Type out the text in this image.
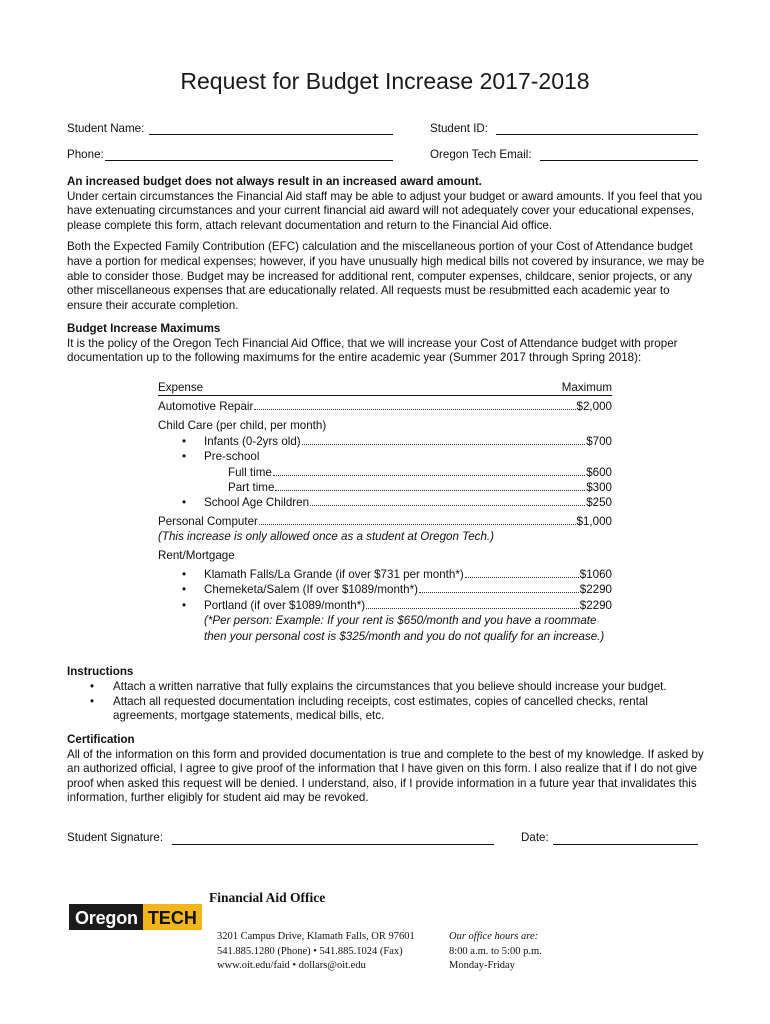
Request for Budget Increase 2017-2018
Student Name:	Student ID:
Phone:	Oregon Tech Email:

An increased budget does not always result in an increased award amount.

Under certain circumstances the Financial Aid staff may be able to adjust your budget or award amounts. If you feel that you have extenuating circumstances and your current financial aid award will not adequately cover your educational expenses, please complete this form, attach relevant documentation and return to the Financial Aid office.

Both the Expected Family Contribution (EFC) calculation and the miscellaneous portion of your Cost of Attendance budget have a portion for medical expenses; however, if you have unusually high medical bills not covered by insurance, we may be able to consider those. Budget may be increased for additional rent, computer expenses, childcare, senior projects, or any other miscellaneous expenses that are educationally related. All requests must be resubmitted each academic year to ensure their accurate completion.

Budget Increase Maximums

It is the policy of the Oregon Tech Financial Aid Office, that we will increase your Cost of Attendance budget with proper documentation up to the following maximums for the entire academic year (Summer 2017 through Spring 2018):

Expense	Maximum
Automotive Repair	$2,000
Child Care (per child, per month)
• Infants (0-2yrs old)	$700
• Pre-school
Full time	$600
Part time	$300
• School Age Children	$250
Personal Computer	$1,000
(This increase is only allowed once as a student at Oregon Tech.)
Rent/Mortgage
• Klamath Falls/La Grande (if over $731 per month*)	$1060
• Chemeketa/Salem (If over $1089/month*)	$2290
• Portland (if over $1089/month*)	$2290
(*Per person: Example: If your rent is $650/month and you have a roommate then your personal cost is $325/month and you do not qualify for an increase.)

Instructions

• Attach a written narrative that fully explains the circumstances that you believe should increase your budget.
• Attach all requested documentation including receipts, cost estimates, copies of cancelled checks, rental agreements, mortgage statements, medical bills, etc.

Certification

All of the information on this form and provided documentation is true and complete to the best of my knowledge. If asked by an authorized official, I agree to give proof of the information that I have given on this form. I also realize that if I do not give proof when asked this request will be denied. I understand, also, if I provide information in a future year that invalidates this information, further eligibly for student aid may be revoked.

Student Signature:	Date:
Oregon TECH
Financial Aid Office
3201 Campus Drive, Klamath Falls, OR 97601
541.885.1280 (Phone) • 541.885.1024 (Fax)
www.oit.edu/faid • dollars@oit.edu
Our office hours are:
8:00 a.m. to 5:00 p.m.
Monday-Friday
